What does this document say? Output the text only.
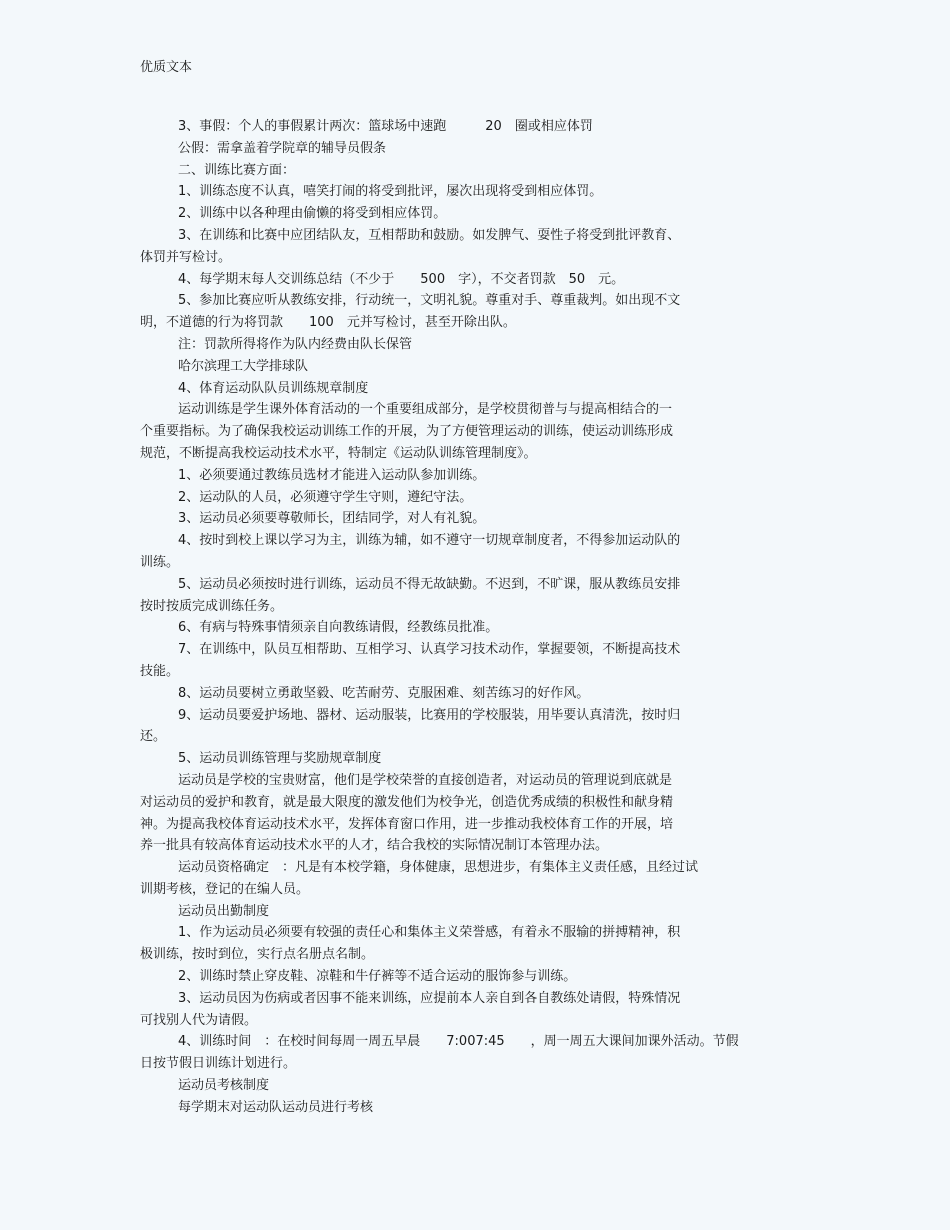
优质文本
3、事假：个人的事假累计两次：篮球场中速跑　　　20　圈或相应体罚
公假：需拿盖着学院章的辅导员假条
二、训练比赛方面：
1、训练态度不认真，嘻笑打闹的将受到批评，屡次出现将受到相应体罚。
2、训练中以各种理由偷懒的将受到相应体罚。
3、在训练和比赛中应团结队友，互相帮助和鼓励。如发脾气、耍性子将受到批评教育、
体罚并写检讨。
4、每学期末每人交训练总结（不少于　　500　字），不交者罚款　50　元。
5、参加比赛应听从教练安排，行动统一，文明礼貌。尊重对手、尊重裁判。如出现不文
明，不道德的行为将罚款　　100　元并写检讨，甚至开除出队。
注：罚款所得将作为队内经费由队长保管
哈尔滨理工大学排球队
4、体育运动队队员训练规章制度
运动训练是学生课外体育活动的一个重要组成部分，是学校贯彻普与与提高相结合的一
个重要指标。为了确保我校运动训练工作的开展，为了方便管理运动的训练，使运动训练形成
规范，不断提高我校运动技术水平，特制定《运动队训练管理制度》。
1、必须要通过教练员选材才能进入运动队参加训练。
2、运动队的人员，必须遵守学生守则，遵纪守法。
3、运动员必须要尊敬师长，团结同学，对人有礼貌。
4、按时到校上课以学习为主，训练为辅，如不遵守一切规章制度者，不得参加运动队的
训练。
5、运动员必须按时进行训练，运动员不得无故缺勤。不迟到，不旷课，服从教练员安排
按时按质完成训练任务。
6、有病与特殊事情须亲自向教练请假，经教练员批准。
7、在训练中，队员互相帮助、互相学习、认真学习技术动作，掌握要领，不断提高技术
技能。
8、运动员要树立勇敢坚毅、吃苦耐劳、克服困难、刻苦练习的好作风。
9、运动员要爱护场地、器材、运动服装，比赛用的学校服装，用毕要认真清洗，按时归
还。
5、运动员训练管理与奖励规章制度
运动员是学校的宝贵财富，他们是学校荣誉的直接创造者，对运动员的管理说到底就是
对运动员的爱护和教育，就是最大限度的激发他们为校争光，创造优秀成绩的积极性和献身精
神。为提高我校体育运动技术水平，发挥体育窗口作用，进一步推动我校体育工作的开展，培
养一批具有较高体育运动技术水平的人才，结合我校的实际情况制订本管理办法。
运动员资格确定　：凡是有本校学籍，身体健康，思想进步，有集体主义责任感，且经过试
训期考核，登记的在编人员。
运动员出勤制度
1、作为运动员必须要有较强的责任心和集体主义荣誉感，有着永不服输的拼搏精神，积
极训练，按时到位，实行点名册点名制。
2、训练时禁止穿皮鞋、凉鞋和牛仔裤等不适合运动的服饰参与训练。
3、运动员因为伤病或者因事不能来训练，应提前本人亲自到各自教练处请假，特殊情况
可找别人代为请假。
4、训练时间　：在校时间每周一周五早晨　　7:007:45　　，周一周五大课间加课外活动。节假
日按节假日训练计划进行。
运动员考核制度
每学期末对运动队运动员进行考核
